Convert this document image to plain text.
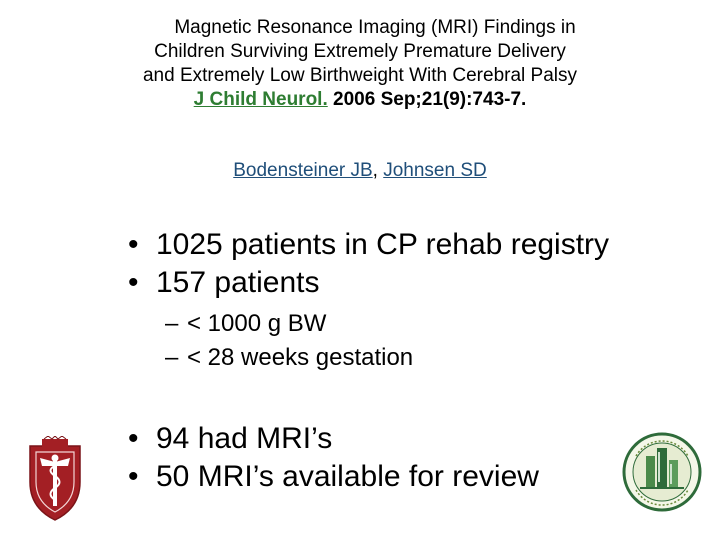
Magnetic Resonance Imaging (MRI) Findings in
Children Surviving Extremely Premature Delivery
and Extremely Low Birthweight With Cerebral Palsy
J Child Neurol. 2006 Sep;21(9):743-7.
Bodensteiner JB, Johnsen SD
• 1025 patients in CP rehab registry
• 157 patients
– < 1000 g BW
– < 28 weeks gestation
• 94 had MRI’s
• 50 MRI’s available for review
